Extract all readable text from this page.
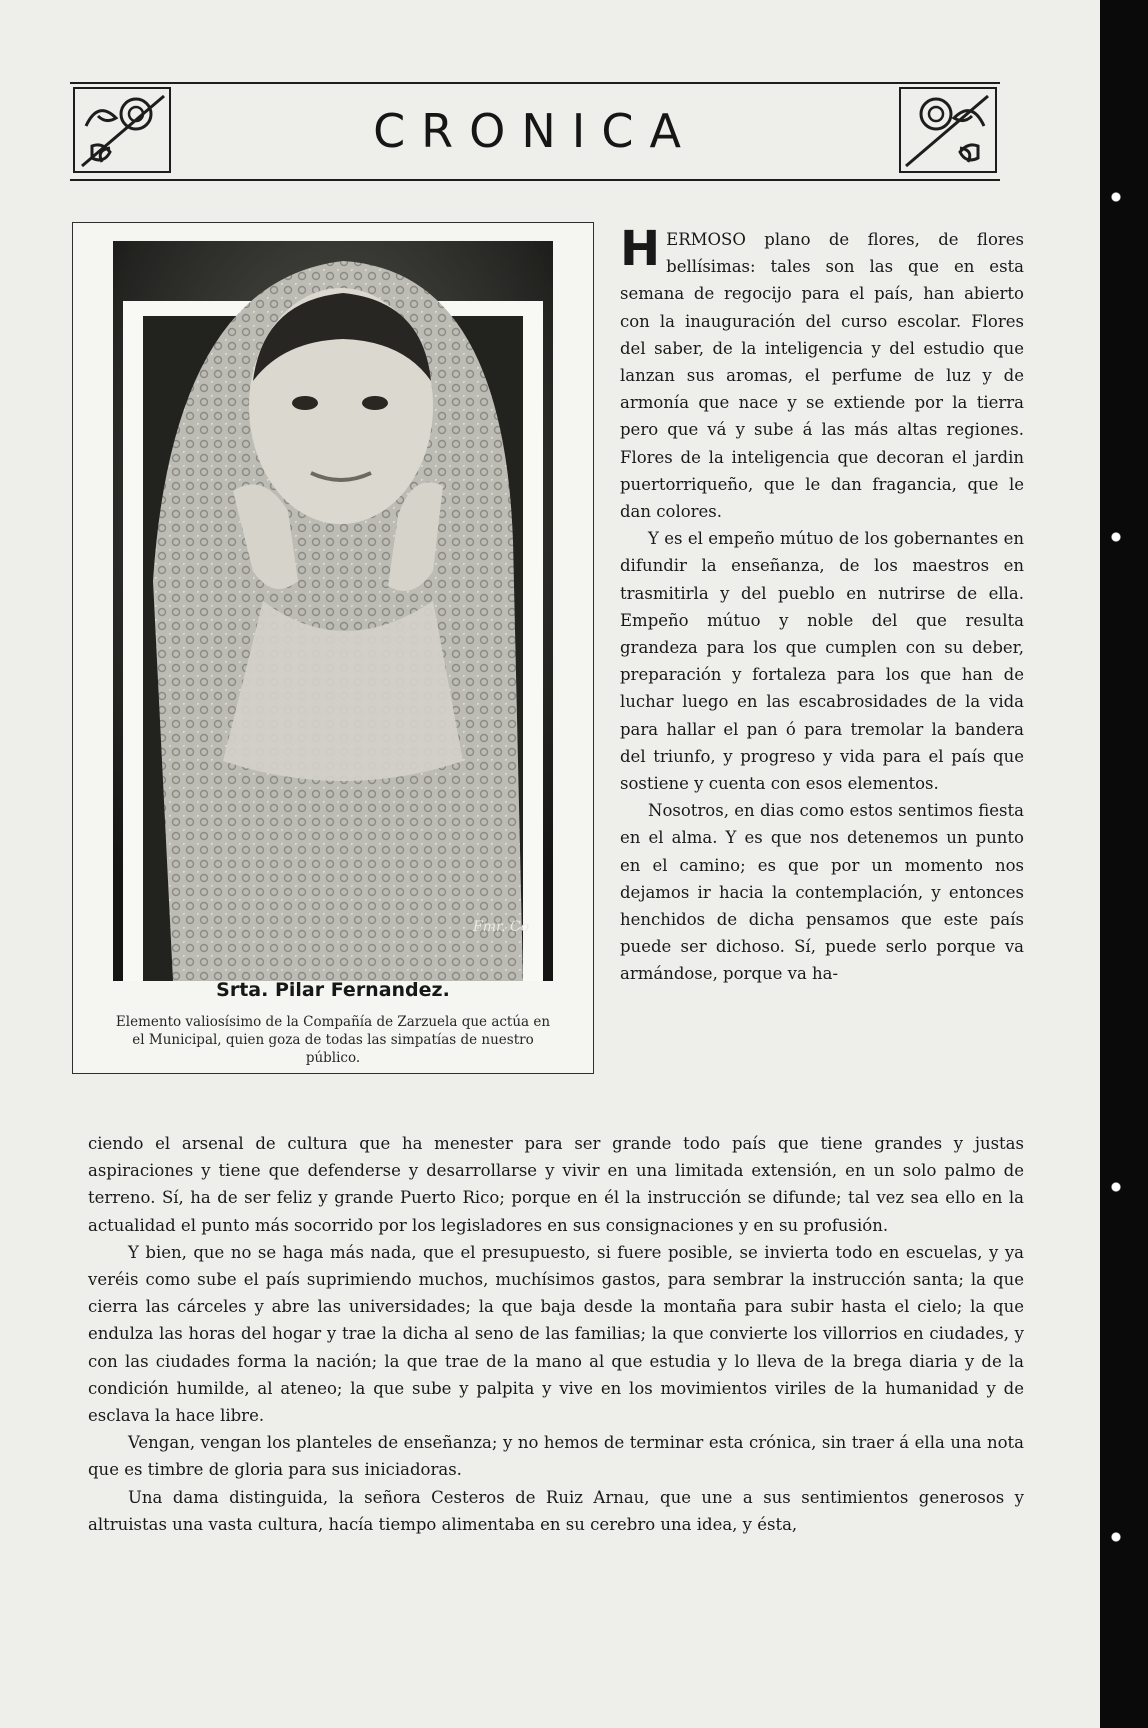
CRONICA
Fmr. Co
Srta. Pilar Fernandez.
Elemento valiosísimo de la Compañía de Zarzuela que actúa en el Municipal, quien goza de todas las simpatías de nuestro público.

HERMOSO plano de flores, de flores bellísimas: tales son las que en esta semana de regocijo para el país, han abierto con la inauguración del curso escolar. Flores del saber, de la inteligencia y del estudio que lanzan sus aromas, el perfume de luz y de armonía que nace y se extiende por la tierra pero que vá y sube á las más altas regiones. Flores de la inteligencia que decoran el jardin puertorriqueño, que le dan fragancia, que le dan colores.

Y es el empeño mútuo de los gobernantes en difundir la enseñanza, de los maestros en trasmitirla y del pueblo en nutrirse de ella. Empeño mútuo y noble del que resulta grandeza para los que cumplen con su deber, preparación y fortaleza para los que han de luchar luego en las escabrosidades de la vida para hallar el pan ó para tremolar la bandera del triunfo, y progreso y vida para el país que sostiene y cuenta con esos elementos.

Nosotros, en dias como estos sentimos fiesta en el alma. Y es que nos detenemos un punto en el camino; es que por un momento nos dejamos ir hacia la contemplación, y entonces henchidos de dicha pensamos que este país puede ser dichoso. Sí, puede serlo porque va armándose, porque va ha-

ciendo el arsenal de cultura que ha menester para ser grande todo país que tiene grandes y justas aspiraciones y tiene que defenderse y desarrollarse y vivir en una limitada extensión, en un solo palmo de terreno. Sí, ha de ser feliz y grande Puerto Rico; porque en él la instrucción se difunde; tal vez sea ello en la actualidad el punto más socorrido por los legisladores en sus consignaciones y en su profusión.

Y bien, que no se haga más nada, que el presupuesto, si fuere posible, se invierta todo en escuelas, y ya veréis como sube el país suprimiendo muchos, muchísimos gastos, para sembrar la instrucción santa; la que cierra las cárceles y abre las universidades; la que baja desde la montaña para subir hasta el cielo; la que endulza las horas del hogar y trae la dicha al seno de las familias; la que convierte los villorrios en ciudades, y con las ciudades forma la nación; la que trae de la mano al que estudia y lo lleva de la brega diaria y de la condición humilde, al ateneo; la que sube y palpita y vive en los movimientos viriles de la humanidad y de esclava la hace libre.

Vengan, vengan los planteles de enseñanza; y no hemos de terminar esta crónica, sin traer á ella una nota que es timbre de gloria para sus iniciadoras.

Una dama distinguida, la señora Cesteros de Ruiz Arnau, que une a sus sentimientos generosos y altruistas una vasta cultura, hacía tiempo alimentaba en su cerebro una idea, y ésta,
